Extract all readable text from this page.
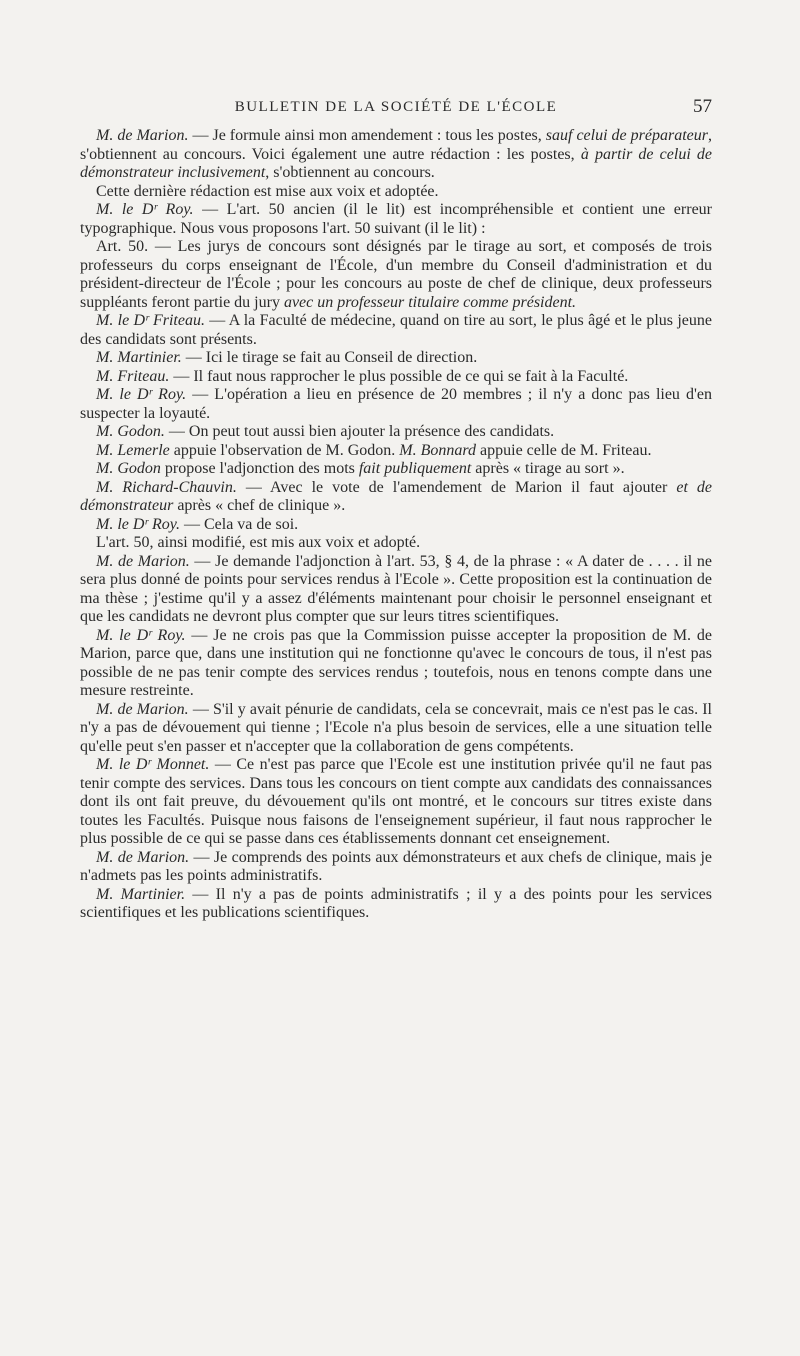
BULLETIN DE LA SOCIÉTÉ DE L'ÉCOLE	57

M. de Marion. — Je formule ainsi mon amendement : tous les postes, sauf celui de préparateur, s'obtiennent au concours. Voici également une autre rédaction : les postes, à partir de celui de démonstrateur inclusivement, s'obtiennent au concours.

Cette dernière rédaction est mise aux voix et adoptée.

M. le Dʳ Roy. — L'art. 50 ancien (il le lit) est incompréhensible et contient une erreur typographique. Nous vous proposons l'art. 50 suivant (il le lit) :

Art. 50. — Les jurys de concours sont désignés par le tirage au sort, et composés de trois professeurs du corps enseignant de l'École, d'un membre du Conseil d'administration et du président-directeur de l'École ; pour les concours au poste de chef de clinique, deux professeurs suppléants feront partie du jury avec un professeur titulaire comme président.

M. le Dʳ Friteau. — A la Faculté de médecine, quand on tire au sort, le plus âgé et le plus jeune des candidats sont présents.

M. Martinier. — Ici le tirage se fait au Conseil de direction.

M. Friteau. — Il faut nous rapprocher le plus possible de ce qui se fait à la Faculté.

M. le Dʳ Roy. — L'opération a lieu en présence de 20 membres ; il n'y a donc pas lieu d'en suspecter la loyauté.

M. Godon. — On peut tout aussi bien ajouter la présence des candidats.

M. Lemerle appuie l'observation de M. Godon. M. Bonnard appuie celle de M. Friteau.

M. Godon propose l'adjonction des mots fait publiquement après « tirage au sort ».

M. Richard-Chauvin. — Avec le vote de l'amendement de Marion il faut ajouter et de démonstrateur après « chef de clinique ».

M. le Dʳ Roy. — Cela va de soi.

L'art. 50, ainsi modifié, est mis aux voix et adopté.

M. de Marion. — Je demande l'adjonction à l'art. 53, § 4, de la phrase : « A dater de . . . . il ne sera plus donné de points pour services rendus à l'Ecole ». Cette proposition est la continuation de ma thèse ; j'estime qu'il y a assez d'éléments maintenant pour choisir le personnel enseignant et que les candidats ne devront plus compter que sur leurs titres scientifiques.

M. le Dʳ Roy. — Je ne crois pas que la Commission puisse accepter la proposition de M. de Marion, parce que, dans une institution qui ne fonctionne qu'avec le concours de tous, il n'est pas possible de ne pas tenir compte des services rendus ; toutefois, nous en tenons compte dans une mesure restreinte.

M. de Marion. — S'il y avait pénurie de candidats, cela se concevrait, mais ce n'est pas le cas. Il n'y a pas de dévouement qui tienne ; l'Ecole n'a plus besoin de services, elle a une situation telle qu'elle peut s'en passer et n'accepter que la collaboration de gens compétents.

M. le Dʳ Monnet. — Ce n'est pas parce que l'Ecole est une institution privée qu'il ne faut pas tenir compte des services. Dans tous les concours on tient compte aux candidats des connaissances dont ils ont fait preuve, du dévouement qu'ils ont montré, et le concours sur titres existe dans toutes les Facultés. Puisque nous faisons de l'enseignement supérieur, il faut nous rapprocher le plus possible de ce qui se passe dans ces établissements donnant cet enseignement.

M. de Marion. — Je comprends des points aux démonstrateurs et aux chefs de clinique, mais je n'admets pas les points administratifs.

M. Martinier. — Il n'y a pas de points administratifs ; il y a des points pour les services scientifiques et les publications scientifiques.
